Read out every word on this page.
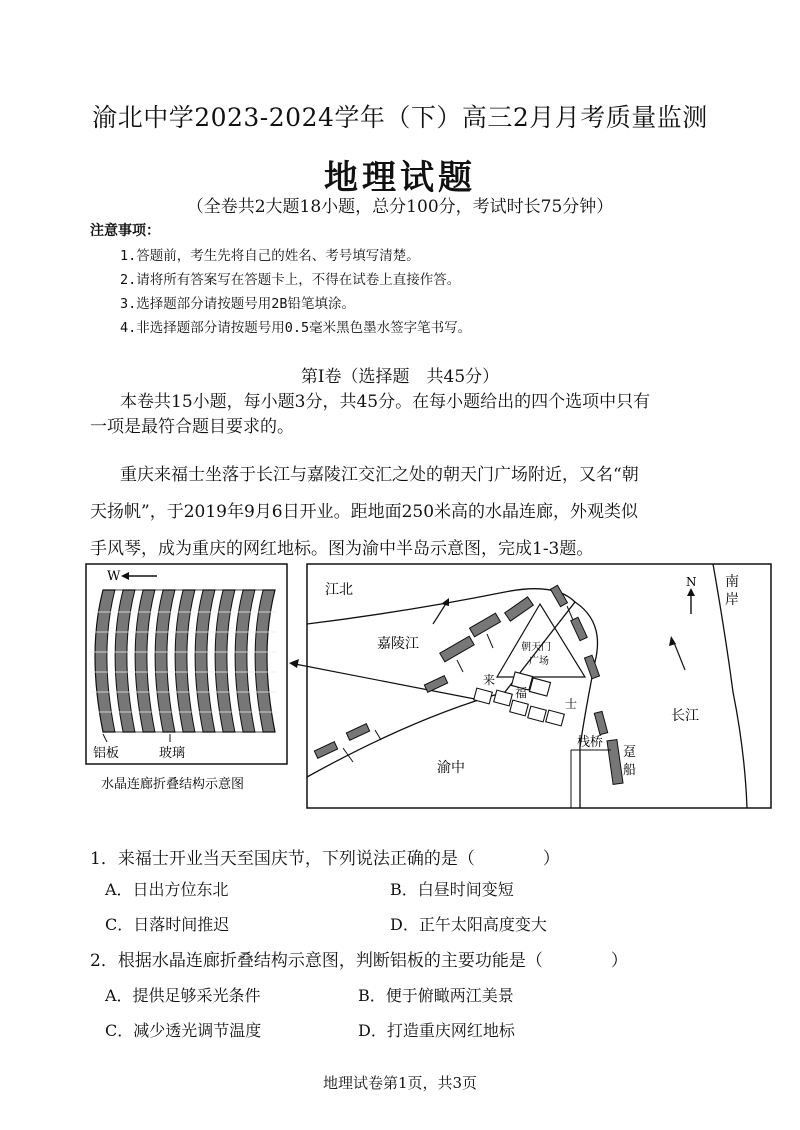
渝北中学2023-2024学年（下）高三2月月考质量监测
地理试题
（全卷共2大题18小题，总分100分，考试时长75分钟）
注意事项：
1.答题前，考生先将自己的姓名、考号填写清楚。
2.请将所有答案写在答题卡上，不得在试卷上直接作答。
3.选择题部分请按题号用2B铅笔填涂。
4.非选择题部分请按题号用0.5毫米黑色墨水签字笔书写。
第Ⅰ卷（选择题　共45分）
本卷共15小题，每小题3分，共45分。在每小题给出的四个选项中只有
一项是最符合题目要求的。
重庆来福士坐落于长江与嘉陵江交汇之处的朝天门广场附近，又名“朝
天扬帆”，于2019年9月6日开业。距地面250米高的水晶连廊，外观类似
手风琴，成为重庆的网红地标。图为渝中半岛示意图，完成1-3题。
W
铝板	玻璃
水晶连廊折叠结构示意图
朝天门
广场
来
福
士
N
江北	南
岸
嘉陵江
长江
渝中
栈桥
趸
船
1．来福士开业当天至国庆节，下列说法正确的是（　　　　）
A．日出方位东北	B．白昼时间变短
C．日落时间推迟	D．正午太阳高度变大
2．根据水晶连廊折叠结构示意图，判断铝板的主要功能是（　　　　）
A．提供足够采光条件	B．便于俯瞰两江美景
C．减少透光调节温度	D．打造重庆网红地标
地理试卷第1页，共3页
